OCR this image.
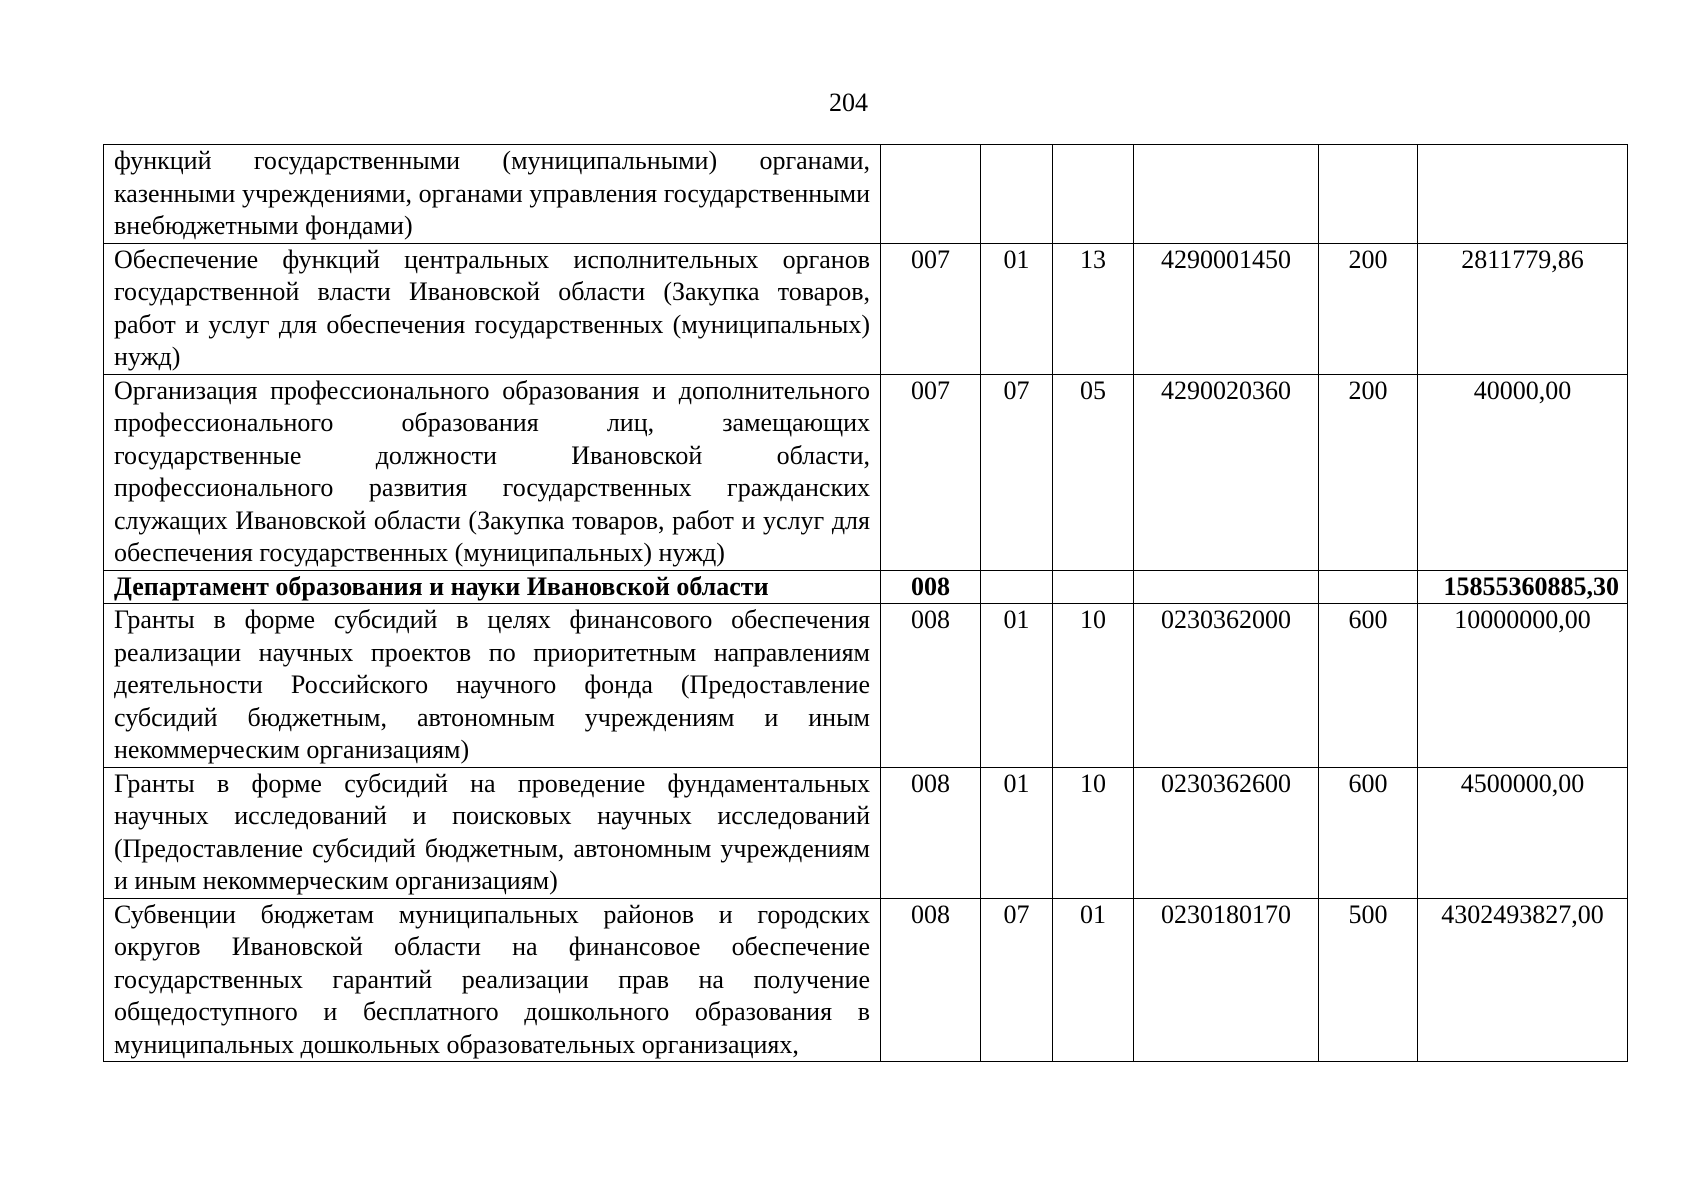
204
функций государственными (муниципальными) органами, казенными учреждениями, органами управления государственными внебюджетными фондами)						
Обеспечение функций центральных исполнительных органов государственной власти Ивановской области (Закупка товаров, работ и услуг для обеспечения государственных (муниципальных) нужд)	007	01	13	4290001450	200	2811779,86
Организация профессионального образования и дополнительного профессионального образования лиц, замещающих государственные должности Ивановской области, профессионального развития государственных гражданских служащих Ивановской области (Закупка товаров, работ и услуг для обеспечения государственных (муниципальных) нужд)	007	07	05	4290020360	200	40000,00
Департамент образования и науки Ивановской области	008					15855360885,30
Гранты в форме субсидий в целях финансового обеспечения реализации научных проектов по приоритетным направлениям деятельности Российского научного фонда (Предоставление субсидий бюджетным, автономным учреждениям и иным некоммерческим организациям)	008	01	10	0230362000	600	10000000,00
Гранты в форме субсидий на проведение фундаментальных научных исследований и поисковых научных исследований (Предоставление субсидий бюджетным, автономным учреждениям и иным некоммерческим организациям)	008	01	10	0230362600	600	4500000,00
Субвенции бюджетам муниципальных районов и городских округов Ивановской области на финансовое обеспечение государственных гарантий реализации прав на получение общедоступного и бесплатного дошкольного образования в муниципальных дошкольных образовательных организациях,	008	07	01	0230180170	500	4302493827,00
